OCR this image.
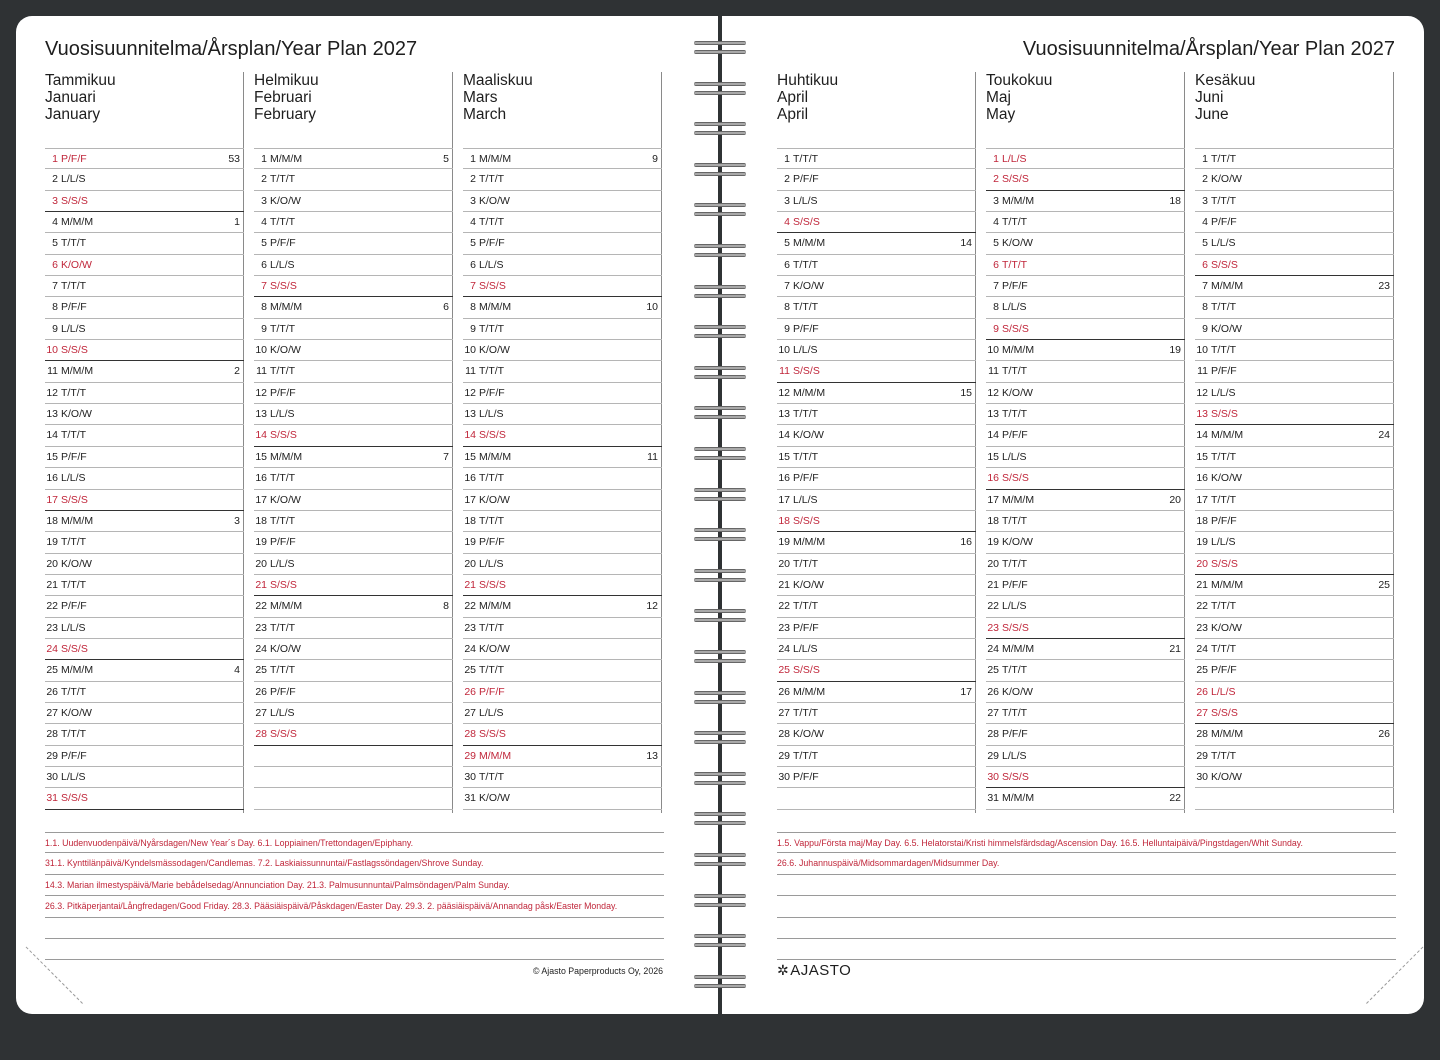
Vuosisuunnitelma/Årsplan/Year Plan 2027
Tammikuu
Januari
January
1 P/F/F	53
2 L/L/S
3 S/S/S
4 M/M/M	1
5 T/T/T
6 K/O/W
7 T/T/T
8 P/F/F
9 L/L/S
10 S/S/S
11 M/M/M	2
12 T/T/T
13 K/O/W
14 T/T/T
15 P/F/F
16 L/L/S
17 S/S/S
18 M/M/M	3
19 T/T/T
20 K/O/W
21 T/T/T
22 P/F/F
23 L/L/S
24 S/S/S
25 M/M/M	4
26 T/T/T
27 K/O/W
28 T/T/T
29 P/F/F
30 L/L/S
31 S/S/S
Helmikuu
Februari
February
1 M/M/M	5
2 T/T/T
3 K/O/W
4 T/T/T
5 P/F/F
6 L/L/S
7 S/S/S
8 M/M/M	6
9 T/T/T
10 K/O/W
11 T/T/T
12 P/F/F
13 L/L/S
14 S/S/S
15 M/M/M	7
16 T/T/T
17 K/O/W
18 T/T/T
19 P/F/F
20 L/L/S
21 S/S/S
22 M/M/M	8
23 T/T/T
24 K/O/W
25 T/T/T
26 P/F/F
27 L/L/S
28 S/S/S
Maaliskuu
Mars
March
1 M/M/M	9
2 T/T/T
3 K/O/W
4 T/T/T
5 P/F/F
6 L/L/S
7 S/S/S
8 M/M/M	10
9 T/T/T
10 K/O/W
11 T/T/T
12 P/F/F
13 L/L/S
14 S/S/S
15 M/M/M	11
16 T/T/T
17 K/O/W
18 T/T/T
19 P/F/F
20 L/L/S
21 S/S/S
22 M/M/M	12
23 T/T/T
24 K/O/W
25 T/T/T
26 P/F/F
27 L/L/S
28 S/S/S
29 M/M/M	13
30 T/T/T
31 K/O/W
1.1. Uudenvuodenpäivä/Nyårsdagen/New Year´s Day. 6.1. Loppiainen/Trettondagen/Epiphany.
31.1. Kynttilänpäivä/Kyndelsmässodagen/Candlemas. 7.2. Laskiaissunnuntai/Fastlagssöndagen/Shrove Sunday.
14.3. Marian ilmestyspäivä/Marie bebådelsedag/Annunciation Day. 21.3. Palmusunnuntai/Palmsöndagen/Palm Sunday.
26.3. Pitkäperjantai/Långfredagen/Good Friday. 28.3. Pääsiäispäivä/Påskdagen/Easter Day. 29.3. 2. pääsiäispäivä/Annandag påsk/Easter Monday.
© Ajasto Paperproducts Oy, 2026
Vuosisuunnitelma/Årsplan/Year Plan 2027
Huhtikuu
April
April
1 T/T/T
2 P/F/F
3 L/L/S
4 S/S/S
5 M/M/M	14
6 T/T/T
7 K/O/W
8 T/T/T
9 P/F/F
10 L/L/S
11 S/S/S
12 M/M/M	15
13 T/T/T
14 K/O/W
15 T/T/T
16 P/F/F
17 L/L/S
18 S/S/S
19 M/M/M	16
20 T/T/T
21 K/O/W
22 T/T/T
23 P/F/F
24 L/L/S
25 S/S/S
26 M/M/M	17
27 T/T/T
28 K/O/W
29 T/T/T
30 P/F/F
Toukokuu
Maj
May
1 L/L/S
2 S/S/S
3 M/M/M	18
4 T/T/T
5 K/O/W
6 T/T/T
7 P/F/F
8 L/L/S
9 S/S/S
10 M/M/M	19
11 T/T/T
12 K/O/W
13 T/T/T
14 P/F/F
15 L/L/S
16 S/S/S
17 M/M/M	20
18 T/T/T
19 K/O/W
20 T/T/T
21 P/F/F
22 L/L/S
23 S/S/S
24 M/M/M	21
25 T/T/T
26 K/O/W
27 T/T/T
28 P/F/F
29 L/L/S
30 S/S/S
31 M/M/M	22
Kesäkuu
Juni
June
1 T/T/T
2 K/O/W
3 T/T/T
4 P/F/F
5 L/L/S
6 S/S/S
7 M/M/M	23
8 T/T/T
9 K/O/W
10 T/T/T
11 P/F/F
12 L/L/S
13 S/S/S
14 M/M/M	24
15 T/T/T
16 K/O/W
17 T/T/T
18 P/F/F
19 L/L/S
20 S/S/S
21 M/M/M	25
22 T/T/T
23 K/O/W
24 T/T/T
25 P/F/F
26 L/L/S
27 S/S/S
28 M/M/M	26
29 T/T/T
30 K/O/W
1.5. Vappu/Första maj/May Day. 6.5. Helatorstai/Kristi himmelsfärdsdag/Ascension Day. 16.5. Helluntaipäivä/Pingstdagen/Whit Sunday.
26.6. Juhannuspäivä/Midsommardagen/Midsummer Day.
✲AJASTO
